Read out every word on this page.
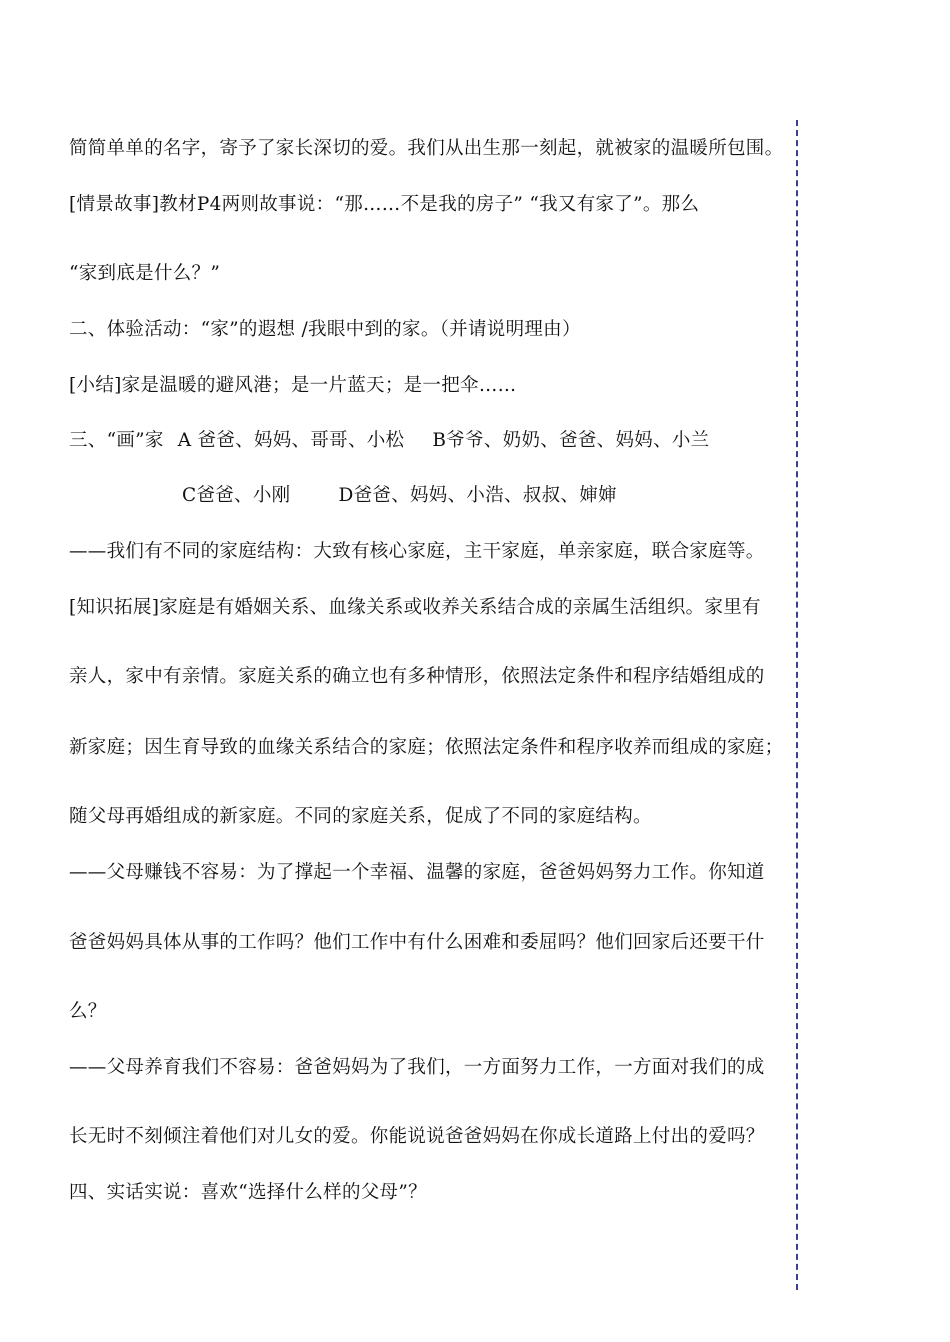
简简单单的名字，寄予了家长深切的爱。我们从出生那一刻起，就被家的温暖所包围。
[情景故事]教材P4两则故事说：“那……不是我的房子” “我又有家了”。那么
“家到底是什么？”
二、体验活动：“家”的遐想 /我眼中到的家。（并请说明理由）
[小结]家是温暖的避风港；是一片蓝天；是一把伞……
三、“画”家 A 爸爸、妈妈、哥哥、小松 B爷爷、奶奶、爸爸、妈妈、小兰
C爸爸、小刚	D爸爸、妈妈、小浩、叔叔、婶婶
——我们有不同的家庭结构：大致有核心家庭，主干家庭，单亲家庭，联合家庭等。
[知识拓展]家庭是有婚姻关系、血缘关系或收养关系结合成的亲属生活组织。家里有
亲人，家中有亲情。家庭关系的确立也有多种情形，依照法定条件和程序结婚组成的
新家庭；因生育导致的血缘关系结合的家庭；依照法定条件和程序收养而组成的家庭；
随父母再婚组成的新家庭。不同的家庭关系，促成了不同的家庭结构。
——父母赚钱不容易：为了撑起一个幸福、温馨的家庭，爸爸妈妈努力工作。你知道
爸爸妈妈具体从事的工作吗？他们工作中有什么困难和委屈吗？他们回家后还要干什
么？
——父母养育我们不容易：爸爸妈妈为了我们，一方面努力工作，一方面对我们的成
长无时不刻倾注着他们对儿女的爱。你能说说爸爸妈妈在你成长道路上付出的爱吗？
四、实话实说：喜欢“选择什么样的父母”？
